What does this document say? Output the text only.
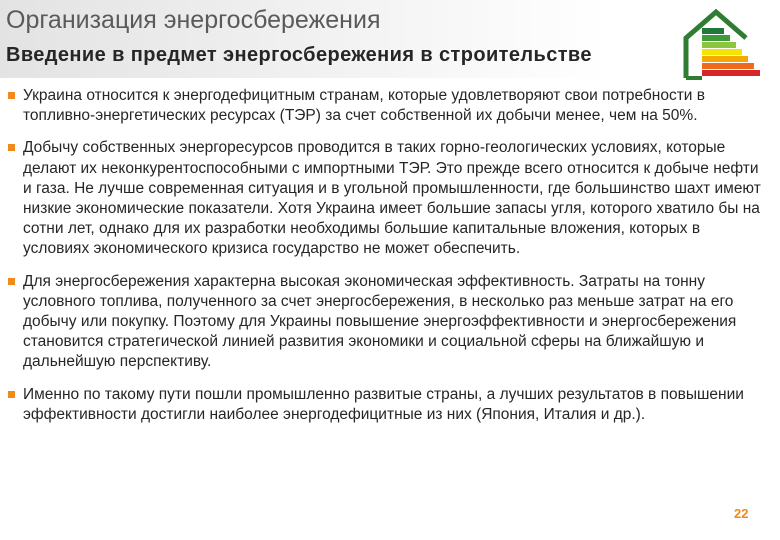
Организация энергосбережения
Введение в предмет энергосбережения в строительстве
Украина относится к энергодефицитным странам, которые удовлетворяют свои потребности в топливно-энергетических ресурсах (ТЭР) за счет собственной их добычи менее, чем на 50%.
Добычу собственных энергоресурсов проводится в таких горно-геологических условиях, которые делают их неконкурентоспособными с импортными ТЭР. Это прежде всего относится к добыче нефти и газа. Не лучше современная ситуация и в угольной промышленности, где большинство шахт имеют низкие экономические показатели. Хотя Украина имеет большие запасы угля, которого хватило бы на сотни лет, однако для их разработки необходимы большие капитальные вложения, которых в условиях экономического кризиса государство не может обеспечить.
Для энергосбережения характерна высокая экономическая эффективность. Затраты на тонну условного топлива, полученного за счет энергосбережения, в несколько раз меньше затрат на его добычу или покупку. Поэтому для Украины повышение энергоэффективности и энергосбережения становится стратегической линией развития экономики и социальной сферы на ближайшую и дальнейшую перспективу.
Именно по такому пути пошли промышленно развитые страны, а лучших результатов в повышении эффективности достигли наиболее энергодефицитные из них (Япония, Италия и др.).
22
